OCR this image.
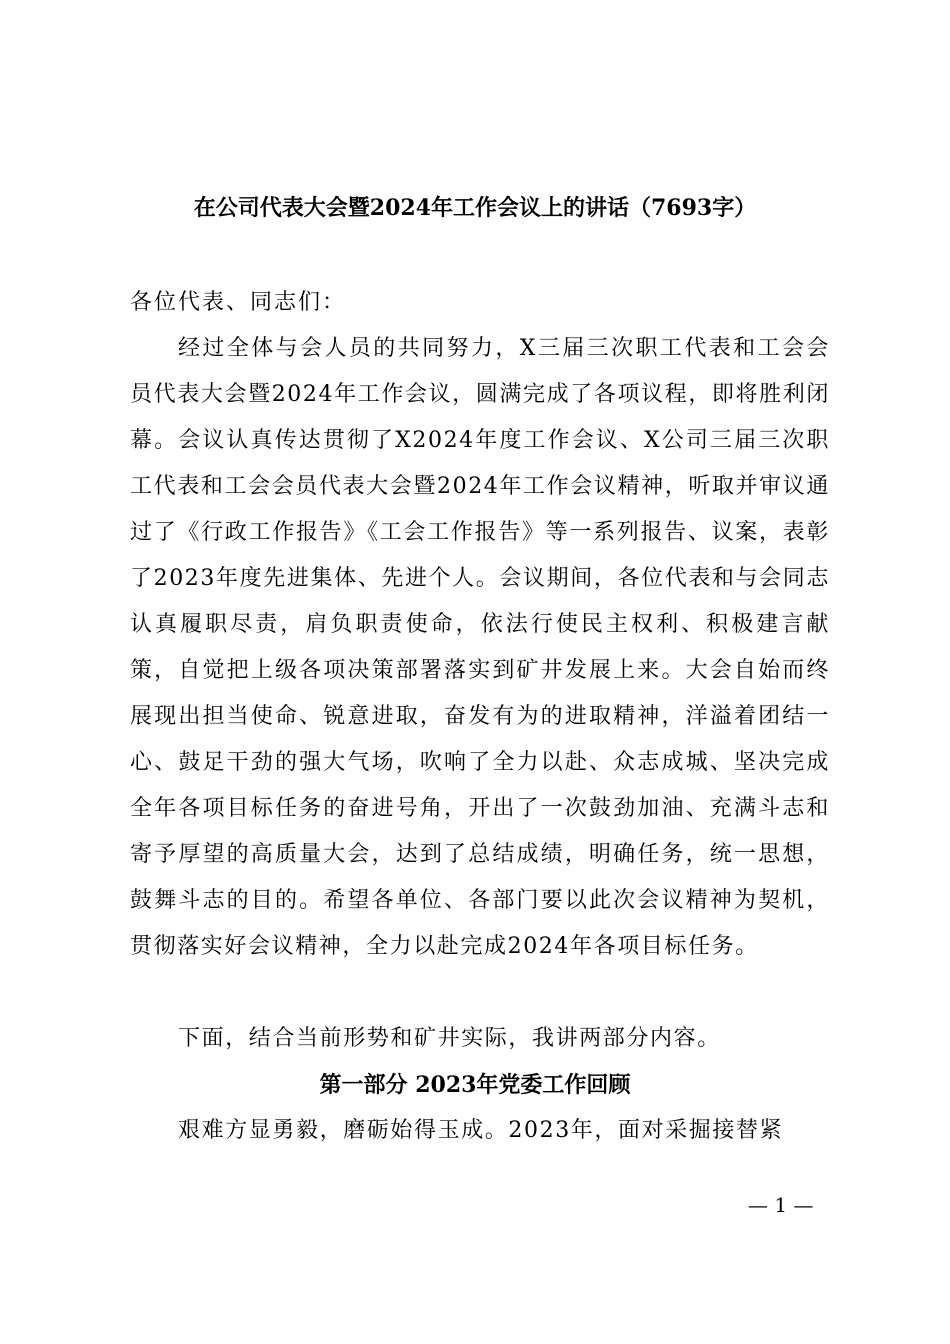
在公司代表大会暨2024年工作会议上的讲话（7693字）
各位代表、同志们：
经过全体与会人员的共同努力，X三届三次职工代表和工会会员代表大会暨2024年工作会议，圆满完成了各项议程，即将胜利闭幕。会议认真传达贯彻了X2024年度工作会议、X公司三届三次职工代表和工会会员代表大会暨2024年工作会议精神，听取并审议通过了《行政工作报告》《工会工作报告》等一系列报告、议案，表彰了2023年度先进集体、先进个人。会议期间，各位代表和与会同志认真履职尽责，肩负职责使命，依法行使民主权利、积极建言献策，自觉把上级各项决策部署落实到矿井发展上来。大会自始而终展现出担当使命、锐意进取，奋发有为的进取精神，洋溢着团结一心、鼓足干劲的强大气场，吹响了全力以赴、众志成城、坚决完成全年各项目标任务的奋进号角，开出了一次鼓劲加油、充满斗志和寄予厚望的高质量大会，达到了总结成绩，明确任务，统一思想，鼓舞斗志的目的。希望各单位、各部门要以此次会议精神为契机，贯彻落实好会议精神，全力以赴完成2024年各项目标任务。
下面，结合当前形势和矿井实际，我讲两部分内容。
第一部分 2023年党委工作回顾
艰难方显勇毅，磨砺始得玉成。2023年，面对采掘接替紧
— 1 —
